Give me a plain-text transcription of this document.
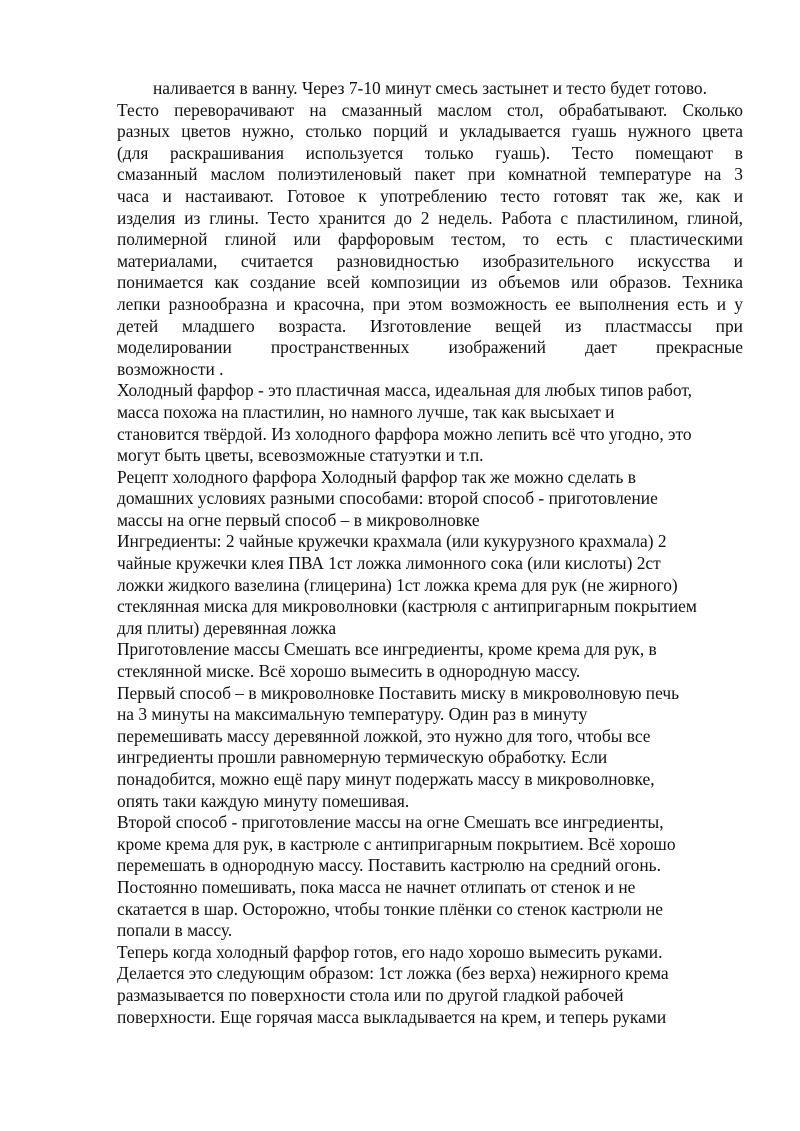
наливается в ванну. Через 7-10 минут смесь застынет и тесто будет готово.
Тесто переворачивают на смазанный маслом стол, обрабатывают. Сколько
разных цветов нужно, столько порций и укладывается гуашь нужного цвета
(для раскрашивания используется только гуашь). Тесто помещают в
смазанный маслом полиэтиленовый пакет при комнатной температуре на 3
часа и настаивают. Готовое к употреблению тесто готовят так же, как и
изделия из глины. Тесто хранится до 2 недель. Работа с пластилином, глиной,
полимерной глиной или фарфоровым тестом, то есть с пластическими
материалами, считается разновидностью изобразительного искусства и
понимается как создание всей композиции из объемов или образов. Техника
лепки разнообразна и красочна, при этом возможность ее выполнения есть и у
детей младшего возраста. Изготовление вещей из пластмассы при
моделировании пространственных изображений дает прекрасные
возможности .
Холодный фарфор - это пластичная масса, идеальная для любых типов работ,
масса похожа на пластилин, но намного лучше, так как высыхает и
становится твёрдой. Из холодного фарфора можно лепить всё что угодно, это
могут быть цветы, всевозможные статуэтки и т.п.
Рецепт холодного фарфора Холодный фарфор так же можно сделать в
домашних условиях разными способами: второй способ - приготовление
массы на огне первый способ – в микроволновке
Ингредиенты: 2 чайные кружечки крахмала (или кукурузного крахмала) 2
чайные кружечки клея ПВА 1ст ложка лимонного сока (или кислоты) 2ст
ложки жидкого вазелина (глицерина) 1ст ложка крема для рук (не жирного)
стеклянная миска для микроволновки (кастрюля с антипригарным покрытием
для плиты) деревянная ложка
Приготовление массы Смешать все ингредиенты, кроме крема для рук, в
стеклянной миске. Всё хорошо вымесить в однородную массу.
Первый способ – в микроволновке Поставить миску в микроволновую печь
на 3 минуты на максимальную температуру. Один раз в минуту
перемешивать массу деревянной ложкой, это нужно для того, чтобы все
ингредиенты прошли равномерную термическую обработку. Если
понадобится, можно ещё пару минут подержать массу в микроволновке,
опять таки каждую минуту помешивая.
Второй способ - приготовление массы на огне Смешать все ингредиенты,
кроме крема для рук, в кастрюле с антипригарным покрытием. Всё хорошо
перемешать в однородную массу. Поставить кастрюлю на средний огонь.
Постоянно помешивать, пока масса не начнет отлипать от стенок и не
скатается в шар. Осторожно, чтобы тонкие плёнки со стенок кастрюли не
попали в массу.
Теперь когда холодный фарфор готов, его надо хорошо вымесить руками.
Делается это следующим образом: 1ст ложка (без верха) нежирного крема
размазывается по поверхности стола или по другой гладкой рабочей
поверхности. Еще горячая масса выкладывается на крем, и теперь руками
